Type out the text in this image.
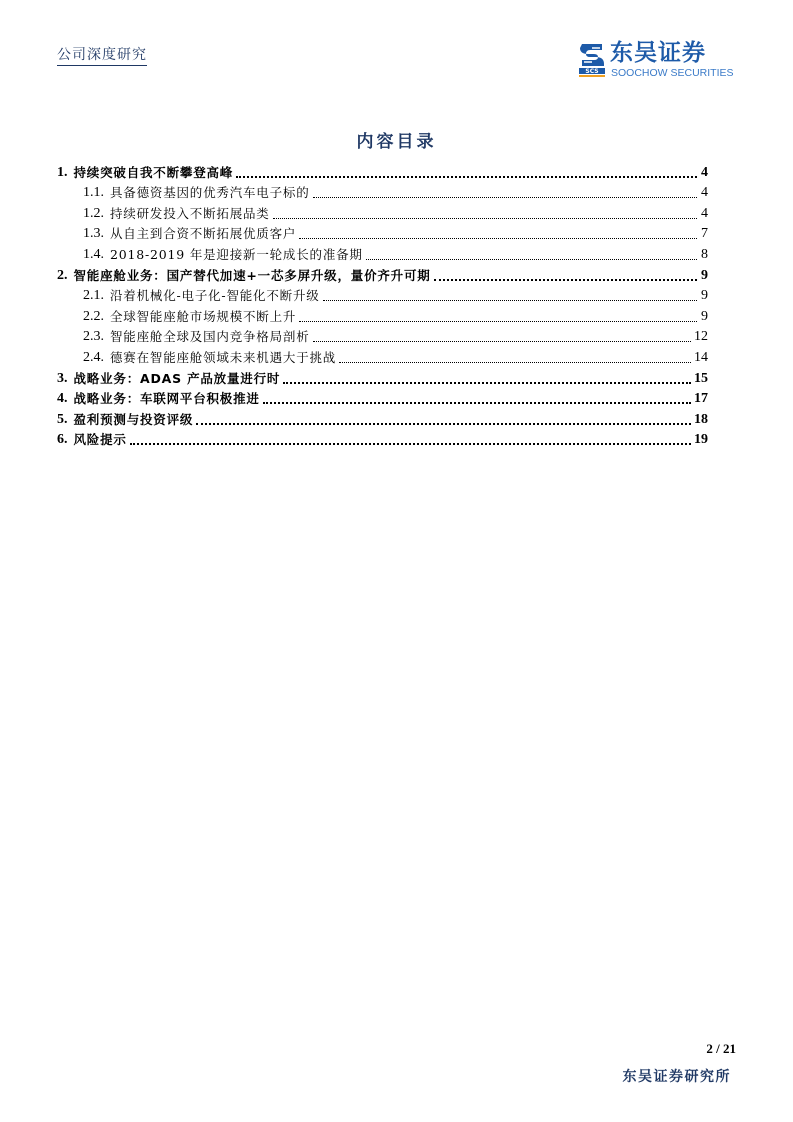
公司深度研究
SCS
东吴证券
SOOCHOW SECURITIES
内容目录
1. 持续突破自我不断攀登高峰	4
1.1. 具备德资基因的优秀汽车电子标的	4
1.2. 持续研发投入不断拓展品类	4
1.3. 从自主到合资不断拓展优质客户	7
1.4. 2018-2019 年是迎接新一轮成长的准备期	8
2. 智能座舱业务：国产替代加速+一芯多屏升级，量价齐升可期	9
2.1. 沿着机械化-电子化-智能化不断升级	9
2.2. 全球智能座舱市场规模不断上升	9
2.3. 智能座舱全球及国内竞争格局剖析	12
2.4. 德赛在智能座舱领域未来机遇大于挑战	14
3. 战略业务：ADAS 产品放量进行时	15
4. 战略业务：车联网平台积极推进	17
5. 盈利预测与投资评级	18
6. 风险提示	19
2 / 21
东吴证券研究所
